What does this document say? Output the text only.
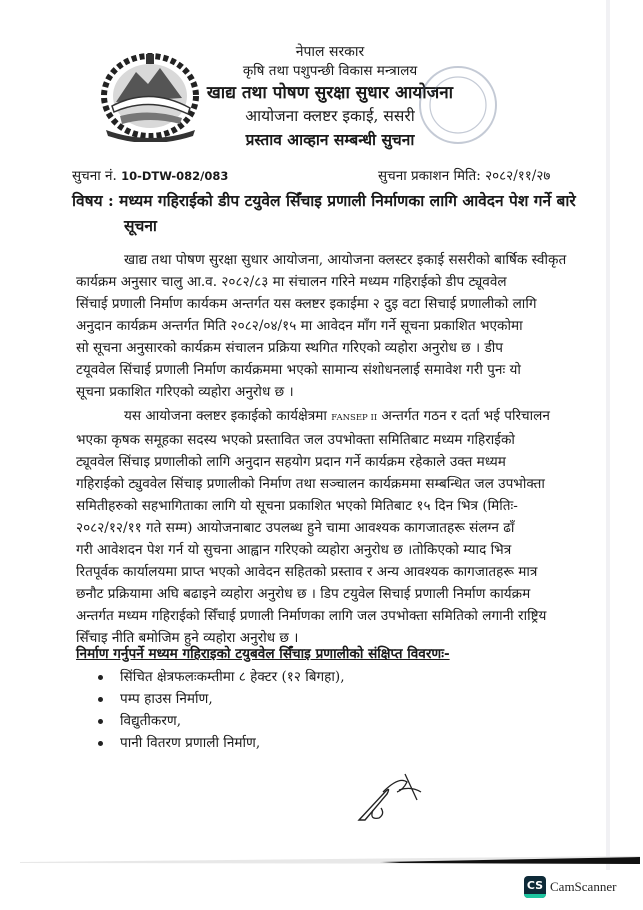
नेपाल सरकार
कृषि तथा पशुपन्छी विकास मन्त्रालय
खाद्य तथा पोषण सुरक्षा सुधार आयोजना
आयोजना क्लष्टर इकाई, ससरी
प्रस्ताव आव्हान सम्बन्धी सुचना
सुचना नं. 10-DTW-082/083	सुचना प्रकाशन मिति: २०८२/११/२७
विषय : मध्यम गहिराईको डीप टयुवेल सिँचाइ प्रणाली निर्माणका लागि आवेदन पेश गर्ने बारे
सूचना
खाद्य तथा पोषण सुरक्षा सुधार आयोजना, आयोजना क्लस्टर इकाई ससरीको बार्षिक स्वीकृत
कार्यक्रम अनुसार चालु आ.व. २०८२/८३ मा संचालन गरिने मध्यम गहिराईको डीप ट्यूववेल
सिंचाई प्रणाली निर्माण कार्यकम अन्तर्गत यस क्लष्टर इकाईमा २ दुइ वटा सिचाई प्रणालीको लागि
अनुदान कार्यक्रम अन्तर्गत मिति २०८२/०४/१५ मा आवेदन माँग गर्ने सूचना प्रकाशित भएकोमा
सो सूचना अनुसारको कार्यक्रम संचालन प्रक्रिया स्थगित गरिएको व्यहोरा अनुरोध छ । डीप
टयूववेल सिंचाई प्रणाली निर्माण कार्यक्रममा भएको सामान्य संशोधनलाई समावेश गरी पुनः यो
सूचना प्रकाशित गरिएको व्यहोरा अनुरोध छ ।
यस आयोजना क्लष्टर इकाईको कार्यक्षेत्रमा FANSEP II अन्तर्गत गठन र दर्ता भई परिचालन
भएका कृषक समूहका सदस्य भएको प्रस्तावित जल उपभोक्ता समितिबाट मध्यम गहिराईको
ट्यूववेल सिंचाइ प्रणालीको लागि अनुदान सहयोग प्रदान गर्ने कार्यक्रम रहेकाले उक्त मध्यम
गहिराईको ट्युववेल सिंचाइ प्रणालीको निर्माण तथा सञ्चालन कार्यक्रममा सम्बन्धित जल उपभोक्ता
समितीहरुको सहभागिताका लागि यो सूचना प्रकाशित भएको मितिबाट १५ दिन भित्र (मितिः-
२०८२/१२/११ गते सम्म) आयोजनाबाट उपलब्ध हुने चामा आवश्यक कागजातहरू संलग्न ढाँ
गरी आवेशदन पेश गर्न यो सुचना आह्वान गरिएको व्यहोरा अनुरोध छ ।तोकिएको म्याद भित्र
रितपूर्वक कार्यालयमा प्राप्त भएको आवेदन सहितको प्रस्ताव र अन्य आवश्यक कागजातहरू मात्र
छनौट प्रक्रियामा अघि बढाइने व्यहोरा अनुरोध छ । डिप टयुवेल सिचाई प्रणाली निर्माण कार्यक्रम
अन्तर्गत मध्यम गहिराईको सिँचाई प्रणाली निर्माणका लागि जल उपभोक्ता समितिको लगानी राष्ट्रिय
सिँचाइ नीति बमोजिम हुने व्यहोरा अनुरोध छ ।
निर्माण गर्नुपर्ने मध्यम गहिराइको टयुबवेल सिँचाइ प्रणालीको संक्षिप्त विवरणः-
सिंचित क्षेत्रफलःकम्तीमा ८ हेक्टर (१२ बिगहा),
पम्प हाउस निर्माण,
विद्युतीकरण,
पानी वितरण प्रणाली निर्माण,
CS CamScanner
